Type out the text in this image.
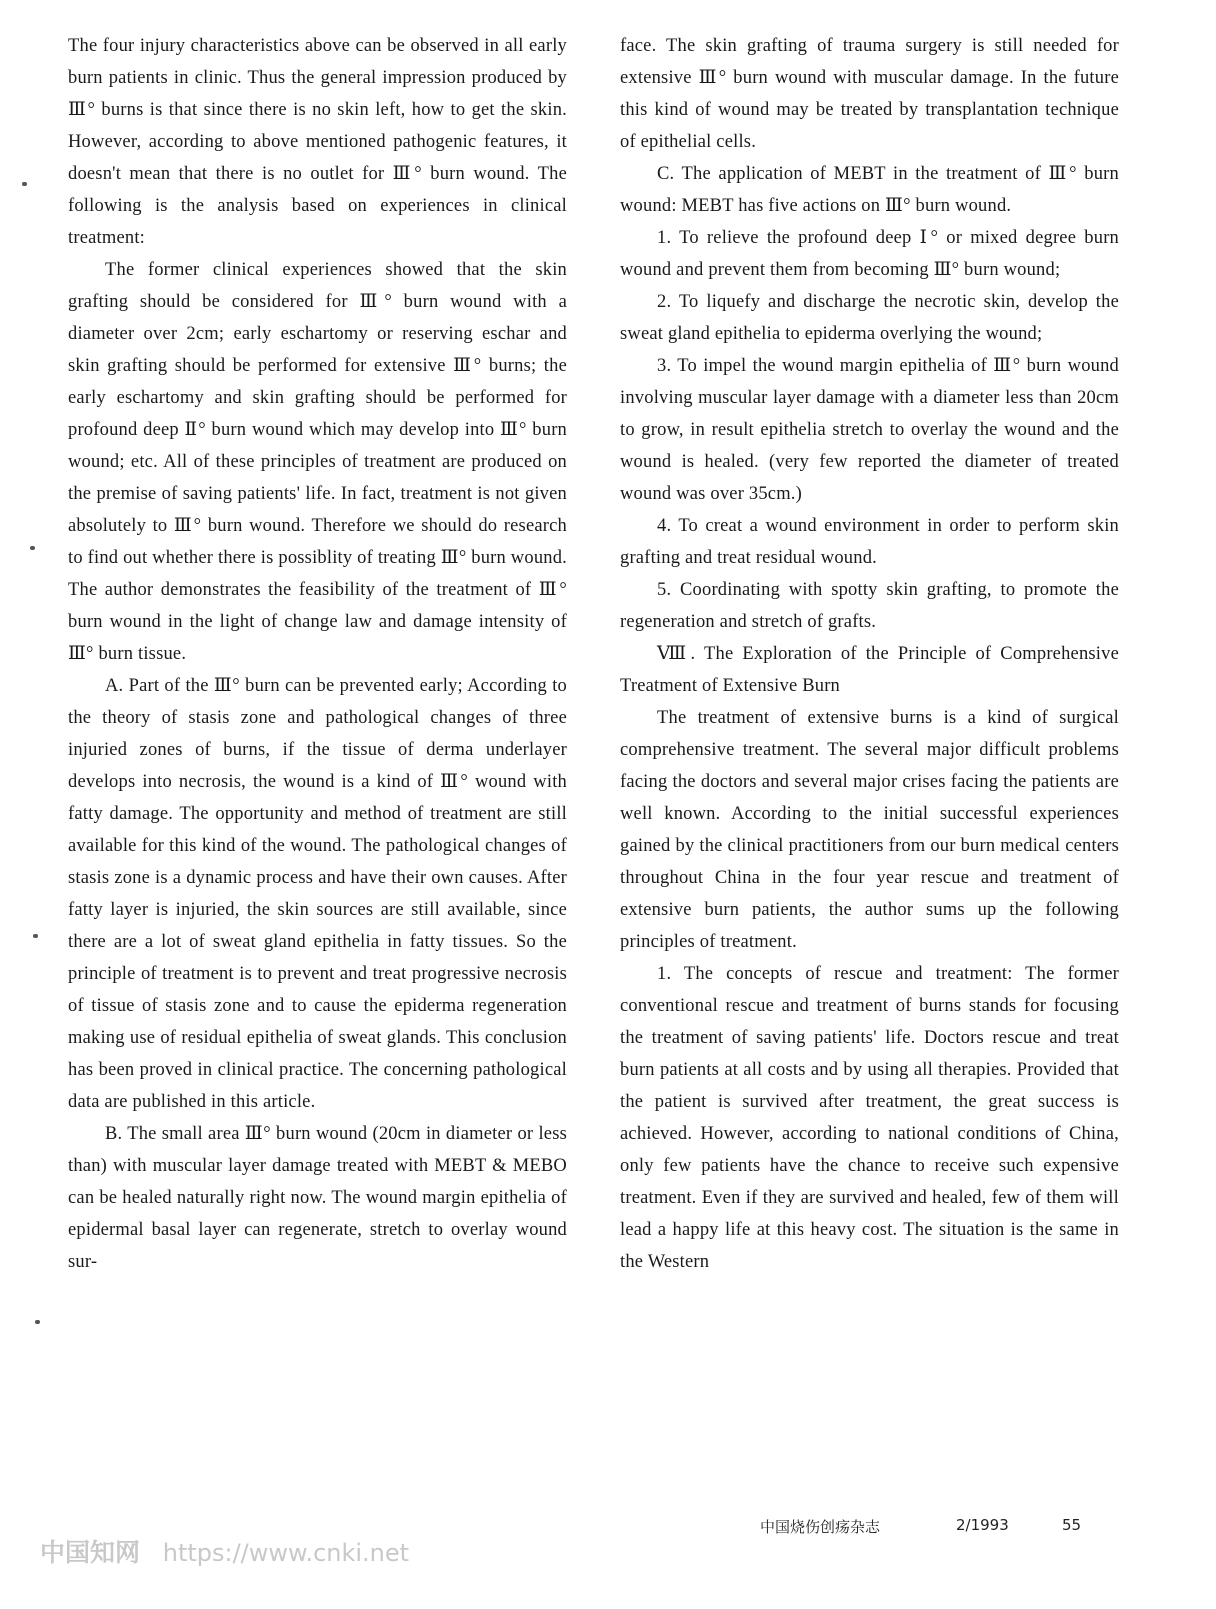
The four injury characteristics above can be observed in all early burn patients in clinic. Thus the general impression produced by Ⅲ° burns is that since there is no skin left, how to get the skin. However, according to above mentioned pathogenic features, it doesn't mean that there is no outlet for Ⅲ° burn wound. The following is the analysis based on experiences in clinical treatment:

The former clinical experiences showed that the skin grafting should be considered for Ⅲ° burn wound with a diameter over 2cm; early eschartomy or reserving eschar and skin grafting should be performed for extensive Ⅲ° burns; the early eschartomy and skin grafting should be performed for profound deep Ⅱ° burn wound which may develop into Ⅲ° burn wound; etc. All of these principles of treatment are produced on the premise of saving patients' life. In fact, treatment is not given absolutely to Ⅲ° burn wound. Therefore we should do research to find out whether there is possiblity of treating Ⅲ° burn wound. The author demonstrates the feasibility of the treatment of Ⅲ° burn wound in the light of change law and damage intensity of Ⅲ° burn tissue.

A. Part of the Ⅲ° burn can be prevented early; According to the theory of stasis zone and pathological changes of three injuried zones of burns, if the tissue of derma underlayer develops into necrosis, the wound is a kind of Ⅲ° wound with fatty damage. The opportunity and method of treatment are still available for this kind of the wound. The pathological changes of stasis zone is a dynamic process and have their own causes. After fatty layer is injuried, the skin sources are still available, since there are a lot of sweat gland epithelia in fatty tissues. So the principle of treatment is to prevent and treat progressive necrosis of tissue of stasis zone and to cause the epiderma regeneration making use of residual epithelia of sweat glands. This conclusion has been proved in clinical practice. The concerning pathological data are published in this article.

B. The small area Ⅲ° burn wound (20cm in diameter or less than) with muscular layer damage treated with MEBT & MEBO can be healed naturally right now. The wound margin epithelia of epidermal basal layer can regenerate, stretch to overlay wound sur-

face. The skin grafting of trauma surgery is still needed for extensive Ⅲ° burn wound with muscular damage. In the future this kind of wound may be treated by transplantation technique of epithelial cells.

C. The application of MEBT in the treatment of Ⅲ° burn wound: MEBT has five actions on Ⅲ° burn wound.

1. To relieve the profound deep Ⅰ° or mixed degree burn wound and prevent them from becoming Ⅲ° burn wound;

2. To liquefy and discharge the necrotic skin, develop the sweat gland epithelia to epiderma overlying the wound;

3. To impel the wound margin epithelia of Ⅲ° burn wound involving muscular layer damage with a diameter less than 20cm to grow, in result epithelia stretch to overlay the wound and the wound is healed. (very few reported the diameter of treated wound was over 35cm.)

4. To creat a wound environment in order to perform skin grafting and treat residual wound.

5. Coordinating with spotty skin grafting, to promote the regeneration and stretch of grafts.

Ⅷ. The Exploration of the Principle of Comprehensive Treatment of Extensive Burn

The treatment of extensive burns is a kind of surgical comprehensive treatment. The several major difficult problems facing the doctors and several major crises facing the patients are well known. According to the initial successful experiences gained by the clinical practitioners from our burn medical centers throughout China in the four year rescue and treatment of extensive burn patients, the author sums up the following principles of treatment.

1. The concepts of rescue and treatment: The former conventional rescue and treatment of burns stands for focusing the treatment of saving patients' life. Doctors rescue and treat burn patients at all costs and by using all therapies. Provided that the patient is survived after treatment, the great success is achieved. However, according to national conditions of China, only few patients have the chance to receive such expensive treatment. Even if they are survived and healed, few of them will lead a happy life at this heavy cost. The situation is the same in the Western

中国烧伤创疡杂志	2/1993	55
中国知网 https://www.cnki.net
